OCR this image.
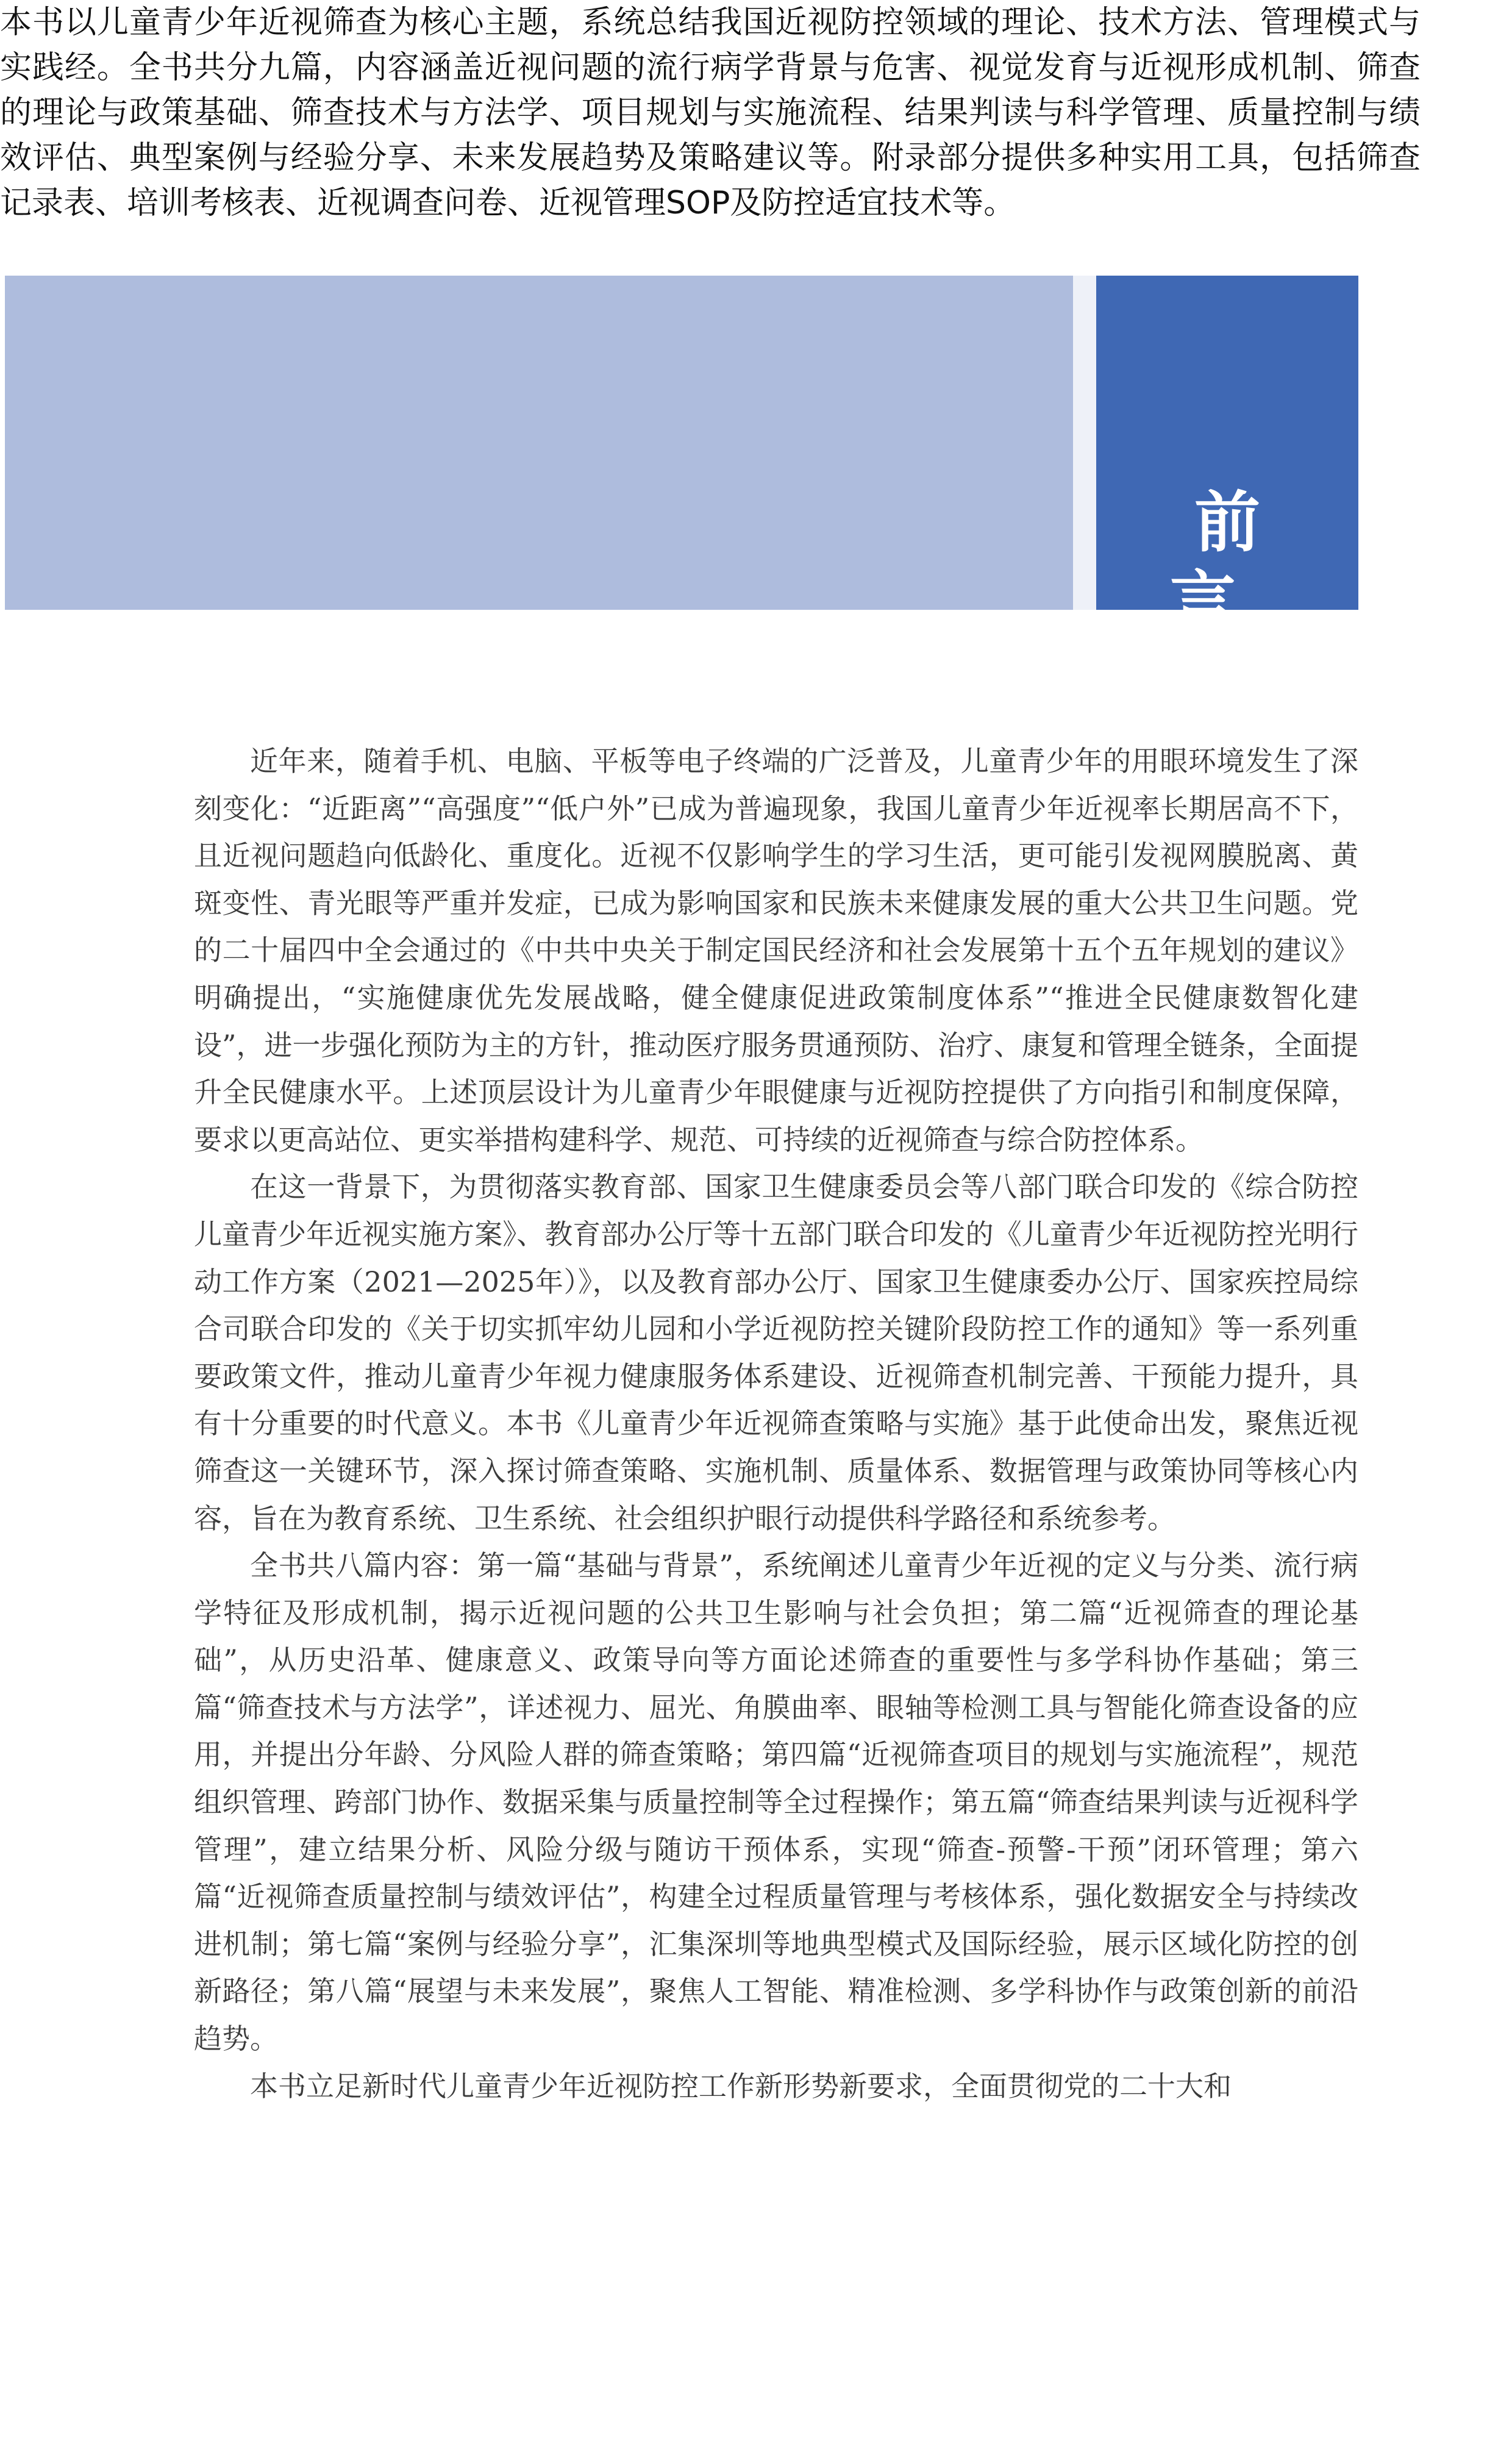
本书以儿童青少年近视筛查为核心主题，系统总结我国近视防控领域的理论、技术方法、管理模式与实践经。全书共分九篇，内容涵盖近视问题的流行病学背景与危害、视觉发育与近视形成机制、筛查的理论与政策基础、筛查技术与方法学、项目规划与实施流程、结果判读与科学管理、质量控制与绩效评估、典型案例与经验分享、未来发展趋势及策略建议等。附录部分提供多种实用工具，包括筛查记录表、培训考核表、近视调查问卷、近视管理SOP及防控适宜技术等。

前言

近年来，随着手机、电脑、平板等电子终端的广泛普及，儿童青少年的用眼环境发生了深刻变化：“近距离”“高强度”“低户外”已成为普遍现象，我国儿童青少年近视率长期居高不下，且近视问题趋向低龄化、重度化。近视不仅影响学生的学习生活，更可能引发视网膜脱离、黄斑变性、青光眼等严重并发症，已成为影响国家和民族未来健康发展的重大公共卫生问题。党的二十届四中全会通过的《中共中央关于制定国民经济和社会发展第十五个五年规划的建议》明确提出，“实施健康优先发展战略，健全健康促进政策制度体系”“推进全民健康数智化建设”，进一步强化预防为主的方针，推动医疗服务贯通预防、治疗、康复和管理全链条，全面提升全民健康水平。上述顶层设计为儿童青少年眼健康与近视防控提供了方向指引和制度保障，要求以更高站位、更实举措构建科学、规范、可持续的近视筛查与综合防控体系。

在这一背景下，为贯彻落实教育部、国家卫生健康委员会等八部门联合印发的《综合防控儿童青少年近视实施方案》、教育部办公厅等十五部门联合印发的《儿童青少年近视防控光明行动工作方案（2021—2025年）》，以及教育部办公厅、国家卫生健康委办公厅、国家疾控局综合司联合印发的《关于切实抓牢幼儿园和小学近视防控关键阶段防控工作的通知》等一系列重要政策文件，推动儿童青少年视力健康服务体系建设、近视筛查机制完善、干预能力提升，具有十分重要的时代意义。本书《儿童青少年近视筛查策略与实施》基于此使命出发，聚焦近视筛查这一关键环节，深入探讨筛查策略、实施机制、质量体系、数据管理与政策协同等核心内容，旨在为教育系统、卫生系统、社会组织护眼行动提供科学路径和系统参考。

全书共八篇内容：第一篇“基础与背景”，系统阐述儿童青少年近视的定义与分类、流行病学特征及形成机制，揭示近视问题的公共卫生影响与社会负担；第二篇“近视筛查的理论基础”，从历史沿革、健康意义、政策导向等方面论述筛查的重要性与多学科协作基础；第三篇“筛查技术与方法学”，详述视力、屈光、角膜曲率、眼轴等检测工具与智能化筛查设备的应用，并提出分年龄、分风险人群的筛查策略；第四篇“近视筛查项目的规划与实施流程”，规范组织管理、跨部门协作、数据采集与质量控制等全过程操作；第五篇“筛查结果判读与近视科学管理”，建立结果分析、风险分级与随访干预体系，实现“筛查-预警-干预”闭环管理；第六篇“近视筛查质量控制与绩效评估”，构建全过程质量管理与考核体系，强化数据安全与持续改进机制；第七篇“案例与经验分享”，汇集深圳等地典型模式及国际经验，展示区域化防控的创新路径；第八篇“展望与未来发展”，聚焦人工智能、精准检测、多学科协作与政策创新的前沿趋势。

本书立足新时代儿童青少年近视防控工作新形势新要求，全面贯彻党的二十大和
